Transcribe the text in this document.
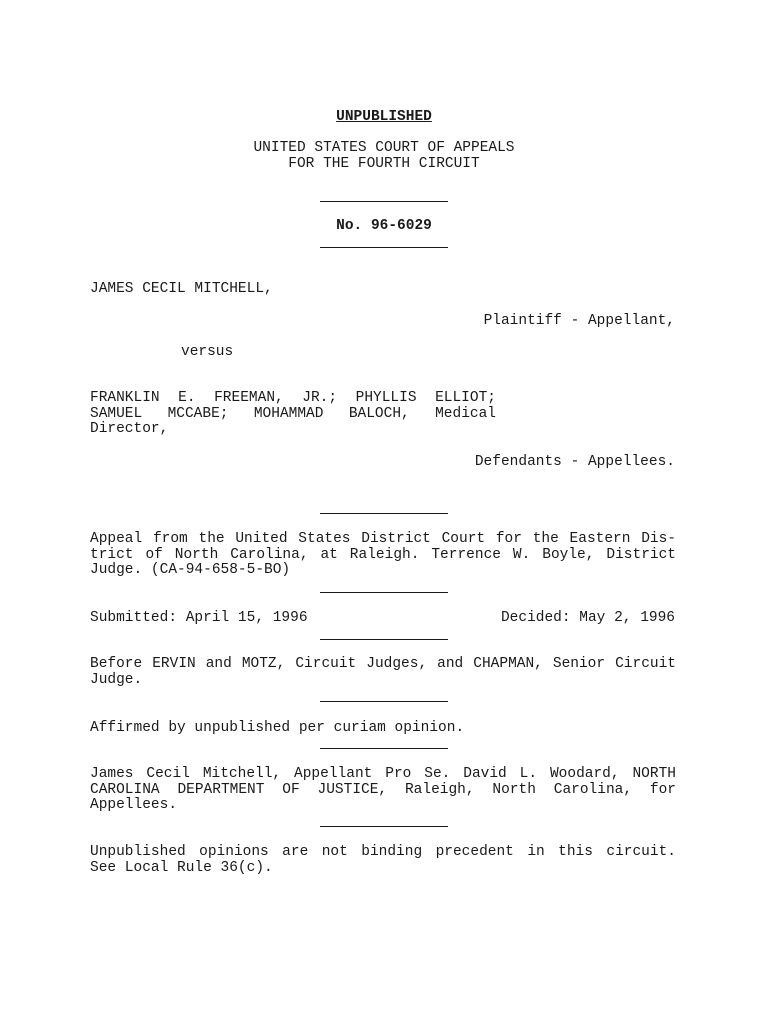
UNPUBLISHED
UNITED STATES COURT OF APPEALS
FOR THE FOURTH CIRCUIT
No. 96-6029
JAMES CECIL MITCHELL,
Plaintiff - Appellant,
versus
FRANKLIN E. FREEMAN, JR.; PHYLLIS ELLIOT;
SAMUEL MCCABE; MOHAMMAD BALOCH, Medical
Director,
Defendants - Appellees.
Appeal from the United States District Court for the Eastern Dis-
trict of North Carolina, at Raleigh. Terrence W. Boyle, District
Judge. (CA-94-658-5-BO)
Submitted: April 15, 1996	Decided: May 2, 1996
Before ERVIN and MOTZ, Circuit Judges, and CHAPMAN, Senior Circuit
Judge.
Affirmed by unpublished per curiam opinion.
James Cecil Mitchell, Appellant Pro Se. David L. Woodard, NORTH
CAROLINA DEPARTMENT OF JUSTICE, Raleigh, North Carolina, for
Appellees.
Unpublished opinions are not binding precedent in this circuit.
See Local Rule 36(c).
